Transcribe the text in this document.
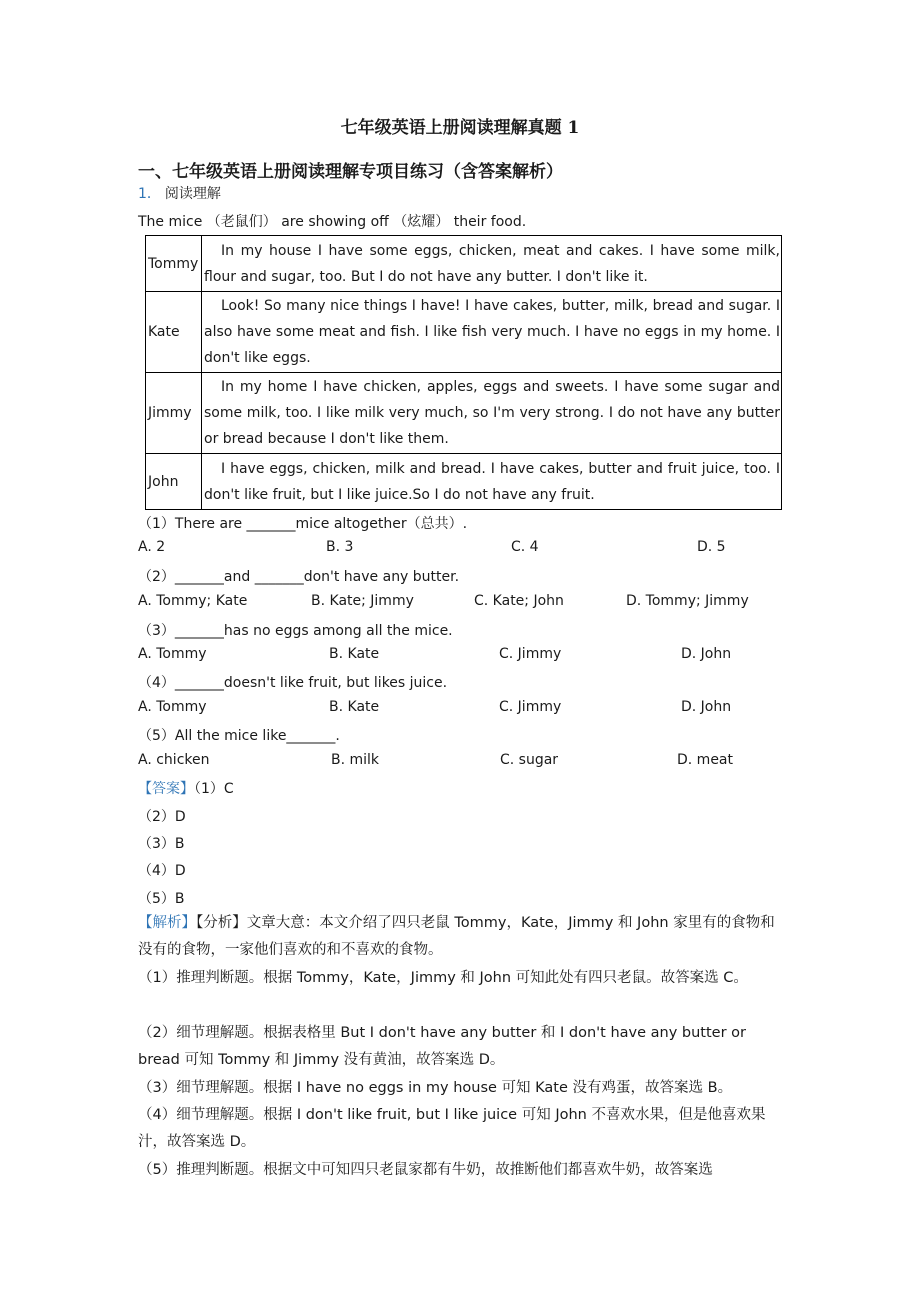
七年级英语上册阅读理解真题 1
一、七年级英语上册阅读理解专项目练习（含答案解析）
1． 阅读理解
The mice （老鼠们） are showing off （炫耀） their food.
Tommy	In my house I have some eggs, chicken, meat and cakes. I have some milk, flour and sugar, too. But I do not have any butter. I don't like it.
Kate	Look! So many nice things I have! I have cakes, butter, milk, bread and sugar. I also have some meat and fish. I like fish very much. I have no eggs in my home. I don't like eggs.
Jimmy	In my home I have chicken, apples, eggs and sweets. I have some sugar and some milk, too. I like milk very much, so I'm very strong. I do not have any butter or bread because I don't like them.
John	I have eggs, chicken, milk and bread. I have cakes, butter and fruit juice, too. I don't like fruit, but I like juice.So I do not have any fruit.
（1）There are _______mice altogether（总共）.
A. 2	B. 3	C. 4	D. 5
（2）_______and _______don't have any butter.
A. Tommy; Kate	B. Kate; Jimmy	C. Kate; John	D. Tommy; Jimmy
（3）_______has no eggs among all the mice.
A. Tommy	B. Kate	C. Jimmy	D. John
（4）_______doesn't like fruit, but likes juice.
A. Tommy	B. Kate	C. Jimmy	D. John
（5）All the mice like_______.
A. chicken	B. milk	C. sugar	D. meat
【答案】（1）C
（2）D
（3）B
（4）D
（5）B
【解析】【分析】文章大意：本文介绍了四只老鼠 Tommy，Kate，Jimmy 和 John 家里有的食物和没有的食物，一家他们喜欢的和不喜欢的食物。
（1）推理判断题。根据 Tommy，Kate，Jimmy 和 John 可知此处有四只老鼠。故答案选 C。
（2）细节理解题。根据表格里 But I don't have any butter 和 I don't have any butter or bread 可知 Tommy 和 Jimmy 没有黄油，故答案选 D。
（3）细节理解题。根据 I have no eggs in my house 可知 Kate 没有鸡蛋，故答案选 B。
（4）细节理解题。根据 I don't like fruit, but I like juice 可知 John 不喜欢水果，但是他喜欢果汁，故答案选 D。
（5）推理判断题。根据文中可知四只老鼠家都有牛奶，故推断他们都喜欢牛奶，故答案选
